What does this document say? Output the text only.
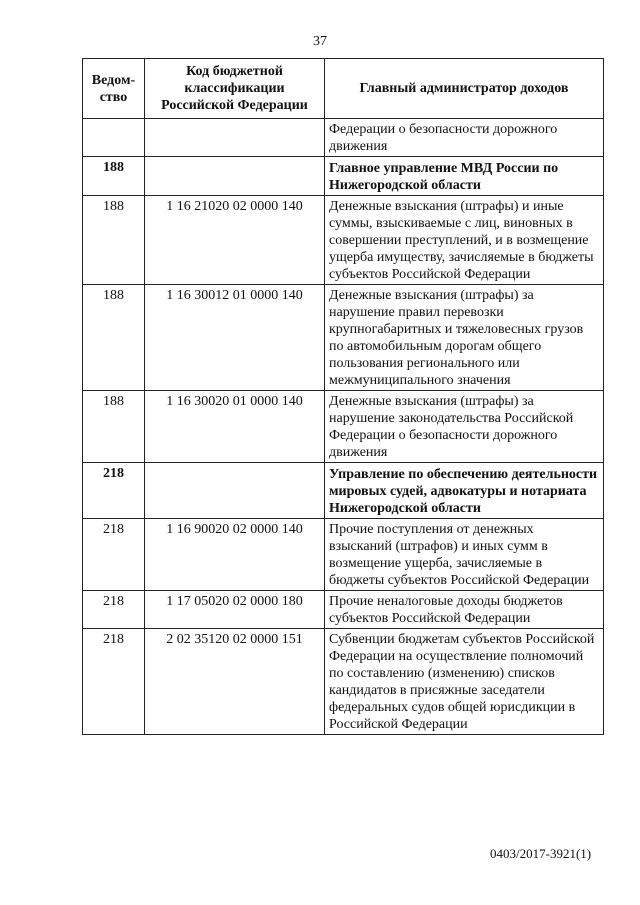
37
Ведом-ство	Код бюджетной классификации Российской Федерации	Главный администратор доходов
		Федерации о безопасности дорожного движения
188		Главное управление МВД России по Нижегородской области
188	1 16 21020 02 0000 140	Денежные взыскания (штрафы) и иные суммы, взыскиваемые с лиц, виновных в совершении преступлений, и в возмещение ущерба имуществу, зачисляемые в бюджеты субъектов Российской Федерации
188	1 16 30012 01 0000 140	Денежные взыскания (штрафы) за нарушение правил перевозки крупногабаритных и тяжеловесных грузов по автомобильным дорогам общего пользования регионального или межмуниципального значения
188	1 16 30020 01 0000 140	Денежные взыскания (штрафы) за нарушение законодательства Российской Федерации о безопасности дорожного движения
218		Управление по обеспечению деятельности мировых судей, адвокатуры и нотариата Нижегородской области
218	1 16 90020 02 0000 140	Прочие поступления от денежных взысканий (штрафов) и иных сумм в возмещение ущерба, зачисляемые в бюджеты субъектов Российской Федерации
218	1 17 05020 02 0000 180	Прочие неналоговые доходы бюджетов субъектов Российской Федерации
218	2 02 35120 02 0000 151	Субвенции бюджетам субъектов Российской Федерации на осуществление полномочий по составлению (изменению) списков кандидатов в присяжные заседатели федеральных судов общей юрисдикции в Российской Федерации
0403/2017-3921(1)
